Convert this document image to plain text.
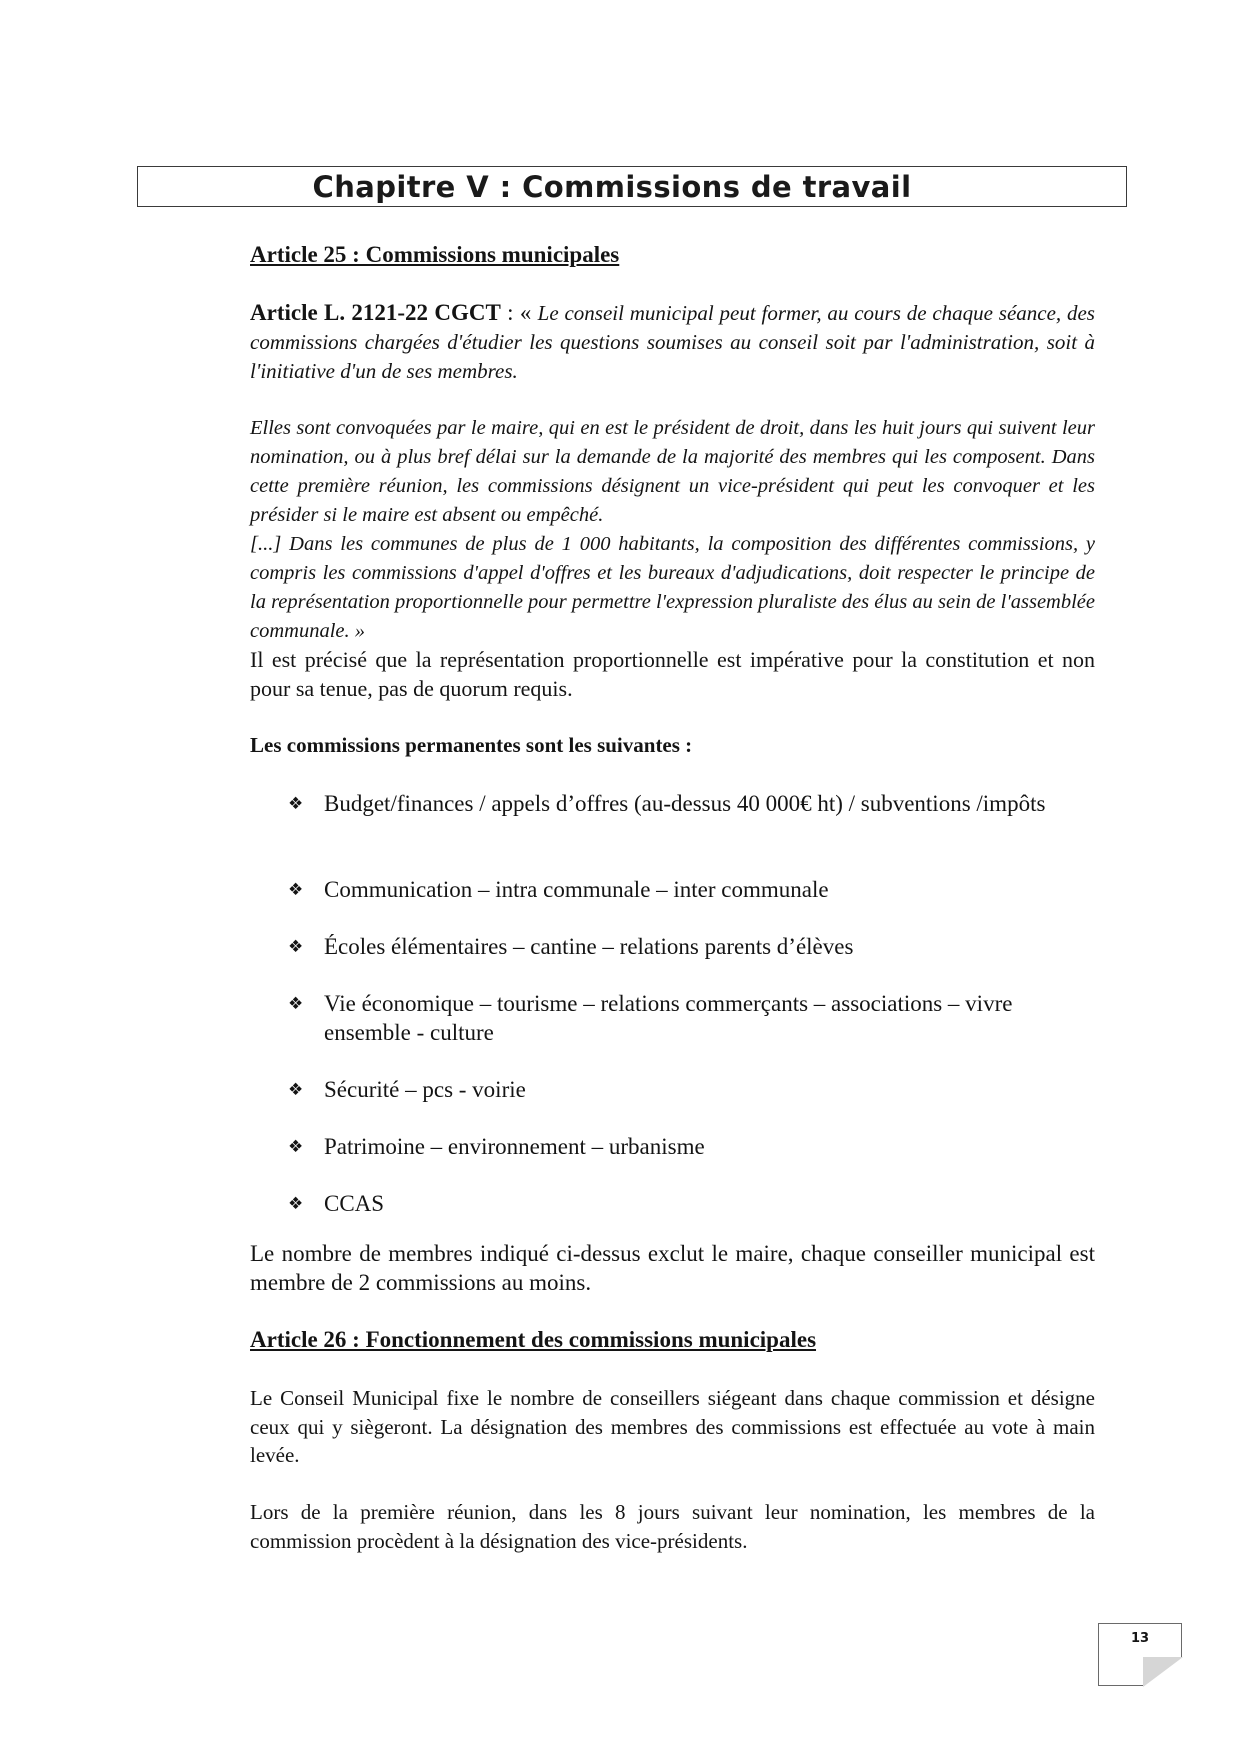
Chapitre V : Commissions de travail

Article 25 : Commissions municipales

Article L. 2121-22 CGCT : « Le conseil municipal peut former, au cours de chaque séance, des commissions chargées d'étudier les questions soumises au conseil soit par l'administration, soit à l'initiative d'un de ses membres.

Elles sont convoquées par le maire, qui en est le président de droit, dans les huit jours qui suivent leur nomination, ou à plus bref délai sur la demande de la majorité des membres qui les composent. Dans cette première réunion, les commissions désignent un vice-président qui peut les convoquer et les présider si le maire est absent ou empêché.

[...] Dans les communes de plus de 1 000 habitants, la composition des différentes commissions, y compris les commissions d'appel d'offres et les bureaux d'adjudications, doit respecter le principe de la représentation proportionnelle pour permettre l'expression pluraliste des élus au sein de l'assemblée communale. »

Il est précisé que la représentation proportionnelle est impérative pour la constitution et non pour sa tenue, pas de quorum requis.

Les commissions permanentes sont les suivantes :

❖ Budget/finances / appels d’offres (au-dessus 40 000€ ht) / subventions /impôts
❖ Communication – intra communale – inter communale
❖ Écoles élémentaires – cantine – relations parents d’élèves
❖ Vie économique – tourisme – relations commerçants – associations – vivre ensemble - culture
❖ Sécurité – pcs - voirie
❖ Patrimoine – environnement – urbanisme
❖ CCAS

Le nombre de membres indiqué ci-dessus exclut le maire, chaque conseiller municipal est membre de 2 commissions au moins.

Article 26 : Fonctionnement des commissions municipales

Le Conseil Municipal fixe le nombre de conseillers siégeant dans chaque commission et désigne ceux qui y siègeront. La désignation des membres des commissions est effectuée au vote à main levée.

Lors de la première réunion, dans les 8 jours suivant leur nomination, les membres de la commission procèdent à la désignation des vice-présidents.

13
